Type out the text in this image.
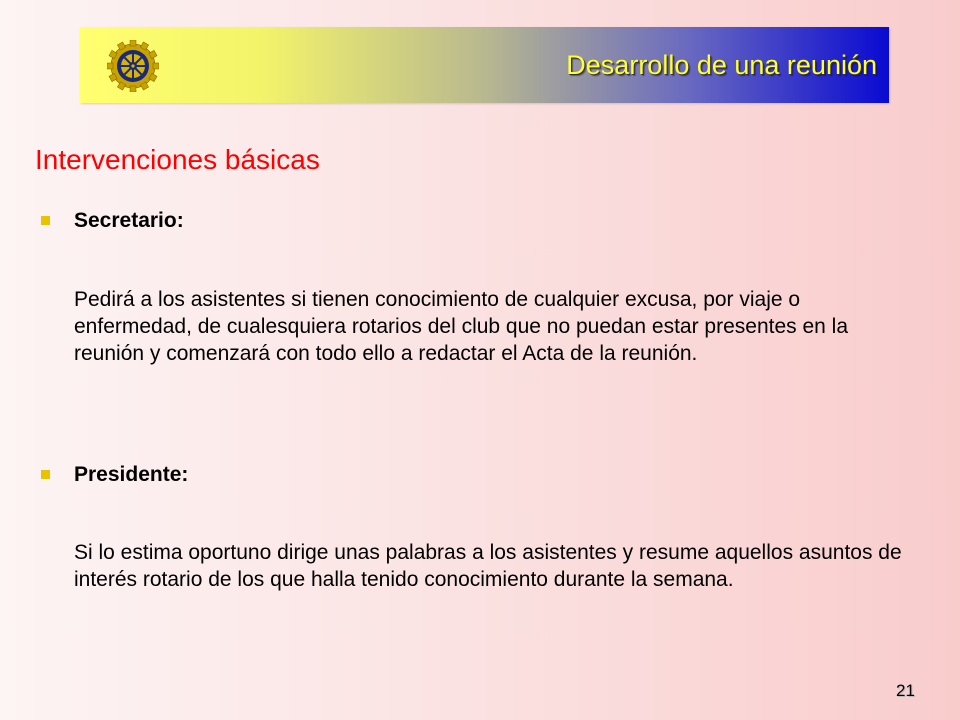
Desarrollo de una reunión
Intervenciones básicas
Secretario:
Pedirá a los asistentes si tienen conocimiento de cualquier excusa, por viaje o enfermedad, de cualesquiera rotarios del club que no puedan estar presentes en la reunión y comenzará con todo ello a redactar el Acta de la reunión.
Presidente:
Si lo estima oportuno dirige unas palabras a los asistentes y resume aquellos asuntos de interés rotario de los que halla tenido conocimiento durante la semana.
21
